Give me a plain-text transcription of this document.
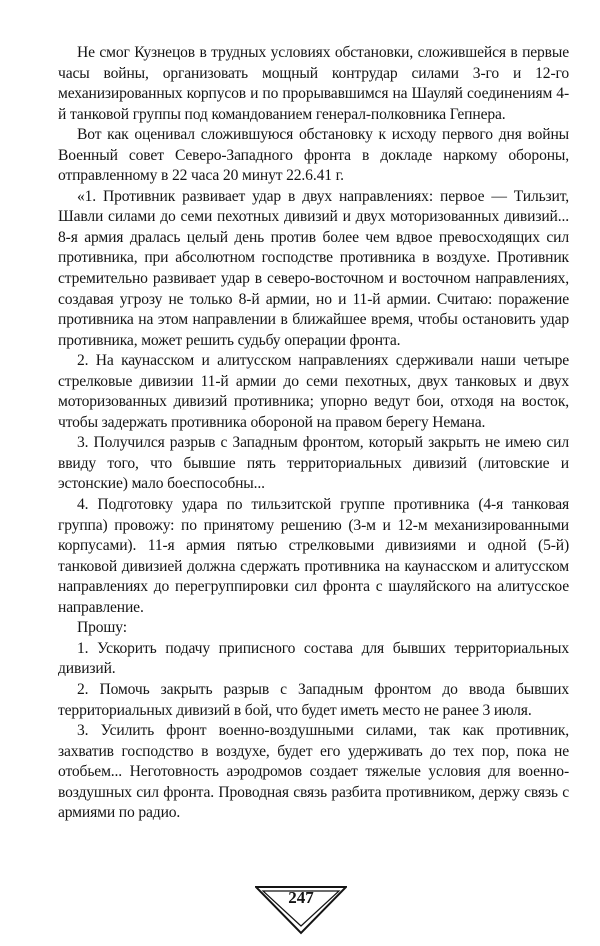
Не смог Кузнецов в трудных условиях обстановки, сложившейся в первые часы войны, организовать мощный контрудар силами 3-го и 12-го механизированных корпусов и по прорывавшимся на Шауляй соединениям 4-й танковой группы под командованием генерал-полковника Гепнера.

Вот как оценивал сложившуюся обстановку к исходу первого дня войны Военный совет Северо-Западного фронта в докладе наркому обороны, отправленному в 22 часа 20 минут 22.6.41 г.

«1. Противник развивает удар в двух направлениях: первое — Тильзит, Шавли силами до семи пехотных дивизий и двух моторизованных дивизий... 8-я армия дралась целый день против более чем вдвое превосходящих сил противника, при абсолютном господстве противника в воздухе. Противник стремительно развивает удар в северо-восточном и восточном направлениях, создавая угрозу не только 8-й армии, но и 11-й армии. Считаю: поражение противника на этом направлении в ближайшее время, чтобы остановить удар противника, может решить судьбу операции фронта.

2. На каунасском и алитусском направлениях сдерживали наши четыре стрелковые дивизии 11-й армии до семи пехотных, двух танковых и двух моторизованных дивизий противника; упорно ведут бои, отходя на восток, чтобы задержать противника обороной на правом берегу Немана.

3. Получился разрыв с Западным фронтом, который закрыть не имею сил ввиду того, что бывшие пять территориальных дивизий (литовские и эстонские) мало боеспособны...

4. Подготовку удара по тильзитской группе противника (4-я танковая группа) провожу: по принятому решению (3-м и 12-м механизированными корпусами). 11-я армия пятью стрелковыми дивизиями и одной (5-й) танковой дивизией должна сдержать противника на каунасском и алитусском направлениях до перегруппировки сил фронта с шауляйского на алитусское направление.

Прошу:

1. Ускорить подачу приписного состава для бывших территориальных дивизий.

2. Помочь закрыть разрыв с Западным фронтом до ввода бывших территориальных дивизий в бой, что будет иметь место не ранее 3 июля.

3. Усилить фронт военно-воздушными силами, так как противник, захватив господство в воздухе, будет его удерживать до тех пор, пока не отобьем... Неготовность аэродромов создает тяжелые условия для военно-воздушных сил фронта. Проводная связь разбита противником, держу связь с армиями по радио.

247
